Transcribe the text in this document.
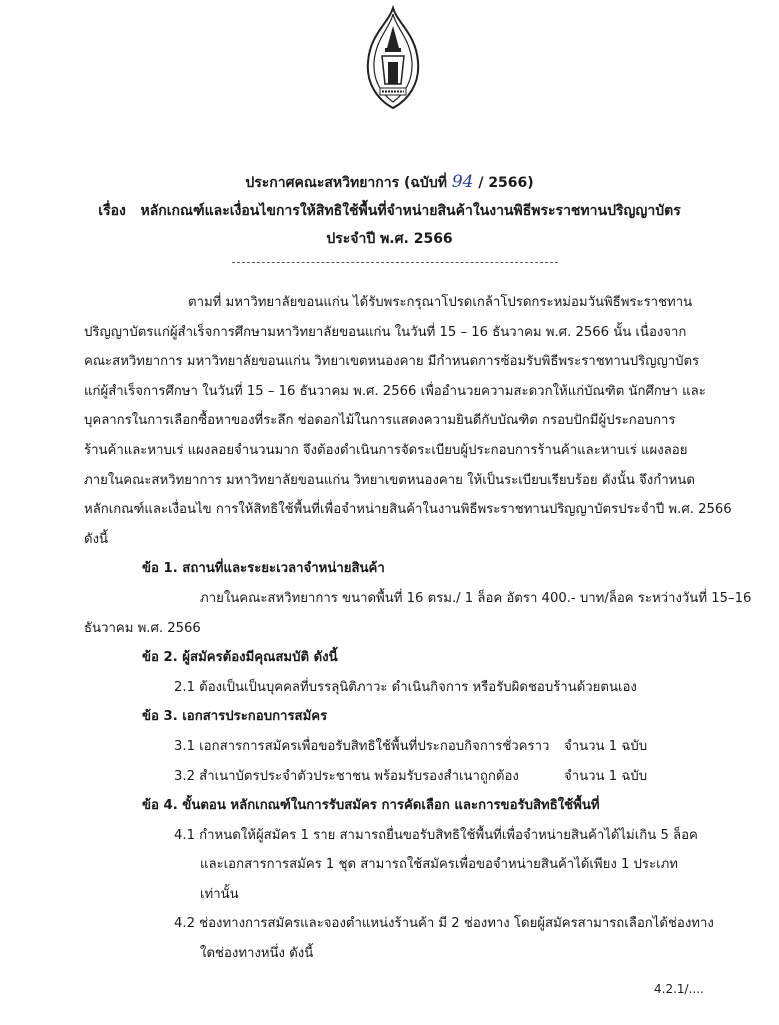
ประกาศคณะสหวิทยาการ (ฉบับที่ 94 / 2566)
เรื่อง หลักเกณฑ์และเงื่อนไขการให้สิทธิใช้พื้นที่จำหน่ายสินค้าในงานพิธีพระราชทานปริญญาบัตร
ประจำปี พ.ศ. 2566

ตามที่ มหาวิทยาลัยขอนแก่น ได้รับพระกรุณาโปรดเกล้าโปรดกระหม่อมวันพิธีพระราชทาน

ปริญญาบัตรแก่ผู้สำเร็จการศึกษามหาวิทยาลัยขอนแก่น ในวันที่ 15 – 16 ธันวาคม พ.ศ. 2566 นั้น เนื่องจาก

คณะสหวิทยาการ มหาวิทยาลัยขอนแก่น วิทยาเขตหนองคาย มีกำหนดการซ้อมรับพิธีพระราชทานปริญญาบัตร

แก่ผู้สำเร็จการศึกษา ในวันที่ 15 – 16 ธันวาคม พ.ศ. 2566 เพื่ออำนวยความสะดวกให้แก่บัณฑิต นักศึกษา และ

บุคลากรในการเลือกซื้อหาของที่ระลึก ช่อดอกไม้ในการแสดงความยินดีกับบัณฑิต กรอบปักมีผู้ประกอบการ

ร้านค้าและหาบเร่ แผงลอยจำนวนมาก จึงต้องดำเนินการจัดระเบียบผู้ประกอบการร้านค้าและหาบเร่ แผงลอย

ภายในคณะสหวิทยาการ มหาวิทยาลัยขอนแก่น วิทยาเขตหนองคาย ให้เป็นระเบียบเรียบร้อย ดังนั้น จึงกำหนด

หลักเกณฑ์และเงื่อนไข การให้สิทธิใช้พื้นที่เพื่อจำหน่ายสินค้าในงานพิธีพระราชทานปริญญาบัตรประจำปี พ.ศ. 2566

ดังนี้

ข้อ 1. สถานที่และระยะเวลาจำหน่ายสินค้า

ภายในคณะสหวิทยาการ ขนาดพื้นที่ 16 ตรม./ 1 ล็อค อัตรา 400.- บาท/ล็อค ระหว่างวันที่ 15–16

ธันวาคม พ.ศ. 2566

ข้อ 2. ผู้สมัครต้องมีคุณสมบัติ ดังนี้

2.1 ต้องเป็นเป็นบุคคลที่บรรลุนิติภาวะ ดำเนินกิจการ หรือรับผิดชอบร้านด้วยตนเอง

ข้อ 3. เอกสารประกอบการสมัคร

3.1 เอกสารการสมัครเพื่อขอรับสิทธิใช้พื้นที่ประกอบกิจการชั่วคราว	จำนวน 1 ฉบับ
3.2 สำเนาบัตรประจำตัวประชาชน พร้อมรับรองสำเนาถูกต้อง	จำนวน 1 ฉบับ

ข้อ 4. ขั้นตอน หลักเกณฑ์ในการรับสมัคร การคัดเลือก และการขอรับสิทธิใช้พื้นที่

4.1 กำหนดให้ผู้สมัคร 1 ราย สามารถยื่นขอรับสิทธิใช้พื้นที่เพื่อจำหน่ายสินค้าได้ไม่เกิน 5 ล็อค

และเอกสารการสมัคร 1 ชุด สามารถใช้สมัครเพื่อขอจำหน่ายสินค้าได้เพียง 1 ประเภท

เท่านั้น

4.2 ช่องทางการสมัครและจองตำแหน่งร้านค้า มี 2 ช่องทาง โดยผู้สมัครสามารถเลือกได้ช่องทาง

ใดช่องทางหนึ่ง ดังนี้

4.2.1/....
